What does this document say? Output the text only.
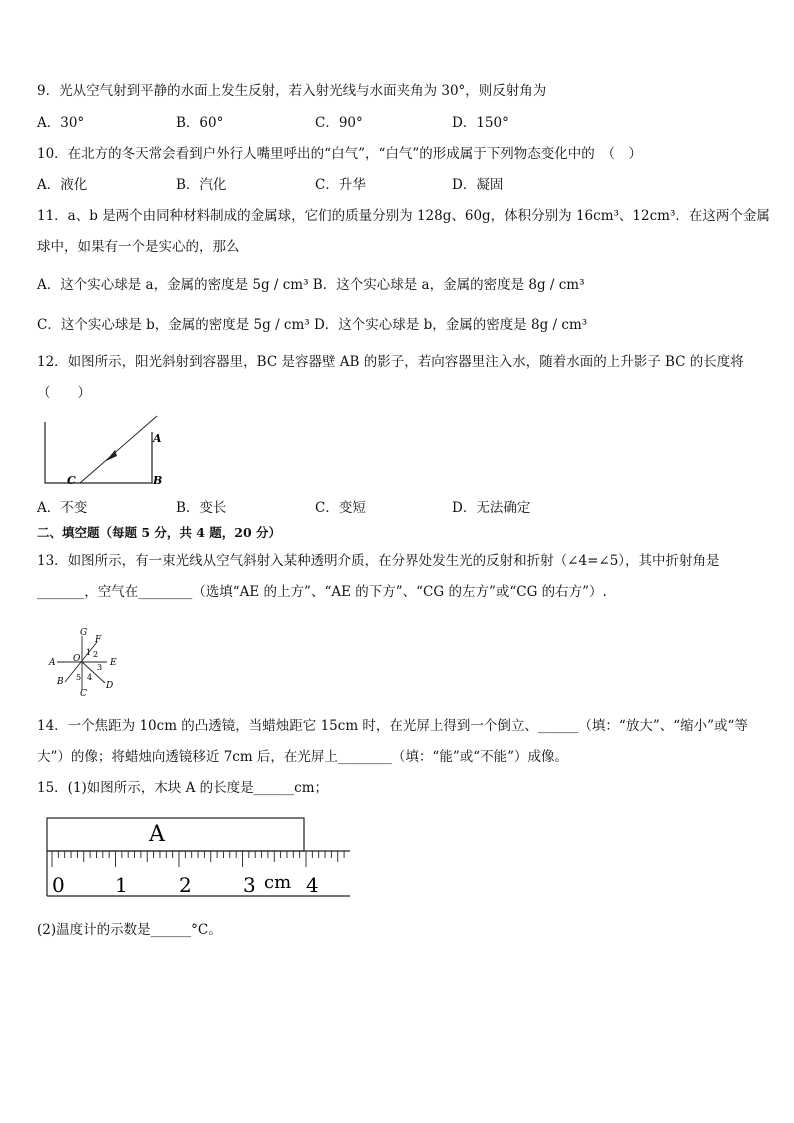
9．光从空气射到平静的水面上发生反射，若入射光线与水面夹角为 30°，则反射角为
A．30°	B．60°	C．90°	D．150°
10．在北方的冬天常会看到户外行人嘴里呼出的“白气”，“白气”的形成属于下列物态变化中的　（　）
A．液化	B．汽化	C．升华	D．凝固
11．a、b 是两个由同种材料制成的金属球，它们的质量分别为 128g、60g，体积分别为 16cm³、12cm³．在这两个金属
球中，如果有一个是实心的，那么
A．这个实心球是 a，金属的密度是 5g / cm³ B．这个实心球是 a，金属的密度是 8g / cm³
C．这个实心球是 b，金属的密度是 5g / cm³ D．这个实心球是 b，金属的密度是 8g / cm³
12．如图所示，阳光斜射到容器里，BC 是容器壁 AB 的影子，若向容器里注入水，随着水面的上升影子 BC 的长度将
（　　）
A
B
C
A．不变	B．变长	C．变短	D．无法确定
二、填空题（每题 5 分，共 4 题，20 分）
13．如图所示，有一束光线从空气斜射入某种透明介质，在分界处发生光的反射和折射（∠4=∠5），其中折射角是
_______，空气在________（选填“AE 的上方”、“AE 的下方”、“CG 的左方”或“CG 的右方”）.
G
F
A O	E
B
C
D
1 2
3
4
5
14．一个焦距为 10cm 的凸透镜，当蜡烛距它 15cm 时，在光屏上得到一个倒立、______（填：“放大”、“缩小”或“等
大”）的像；将蜡烛向透镜移近 7cm 后，在光屏上________（填：“能”或“不能”）成像。
15．(1)如图所示，木块 A 的长度是______cm；
A
0	1	2	3 cm 4
(2)温度计的示数是______°C。
